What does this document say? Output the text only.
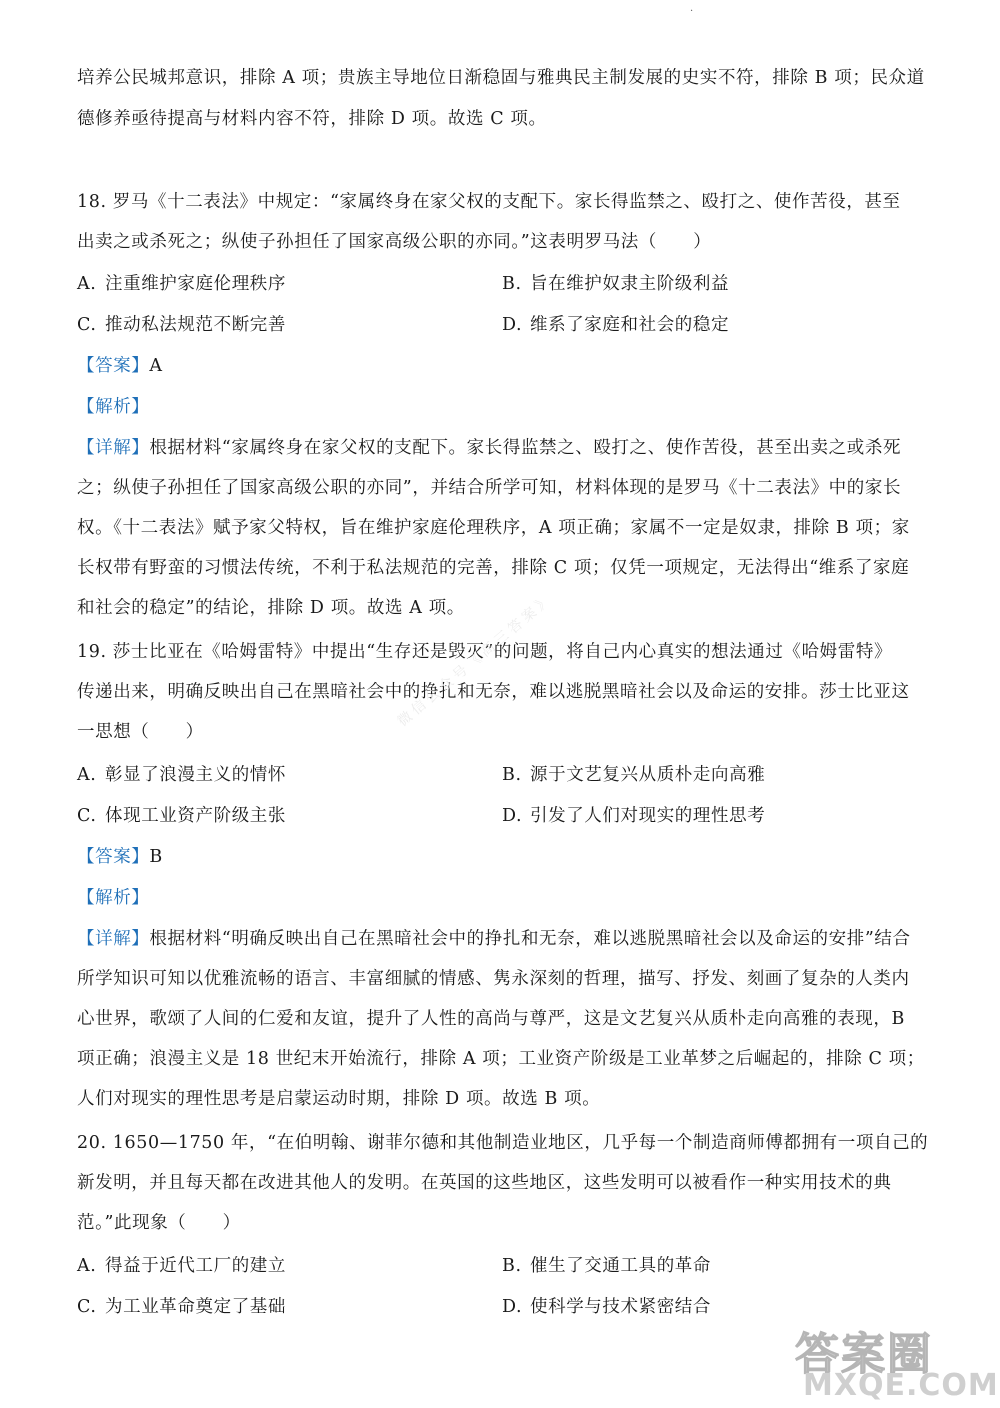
·
培养公民城邦意识，排除 A 项；贵族主导地位日渐稳固与雅典民主制发展的史实不符，排除 B 项；民众道
德修养亟待提高与材料内容不符，排除 D 项。故选 C 项。
18. 罗马《十二表法》中规定：“家属终身在家父权的支配下。家长得监禁之、殴打之、使作苦役，甚至
出卖之或杀死之；纵使子孙担任了国家高级公职的亦同。”这表明罗马法（　　）
A. 注重维护家庭伦理秩序	B. 旨在维护奴隶主阶级利益
C. 推动私法规范不断完善	D. 维系了家庭和社会的稳定
【答案】A
【解析】
【详解】根据材料“家属终身在家父权的支配下。家长得监禁之、殴打之、使作苦役，甚至出卖之或杀死
之；纵使子孙担任了国家高级公职的亦同”，并结合所学可知，材料体现的是罗马《十二表法》中的家长
权。《十二表法》赋予家父特权，旨在维护家庭伦理秩序，A 项正确；家属不一定是奴隶，排除 B 项；家
长权带有野蛮的习惯法传统，不利于私法规范的完善，排除 C 项；仅凭一项规定，无法得出“维系了家庭
和社会的稳定”的结论，排除 D 项。故选 A 项。
19. 莎士比亚在《哈姆雷特》中提出“生存还是毁灭”的问题，将自己内心真实的想法通过《哈姆雷特》
传递出来，明确反映出自己在黑暗社会中的挣扎和无奈，难以逃脱黑暗社会以及命运的安排。莎士比亚这
一思想（　　）
A. 彰显了浪漫主义的情怀	B. 源于文艺复兴从质朴走向高雅
C. 体现工业资产阶级主张	D. 引发了人们对现实的理性思考
【答案】B
【解析】
【详解】根据材料“明确反映出自己在黑暗社会中的挣扎和无奈，难以逃脱黑暗社会以及命运的安排”结合
所学知识可知以优雅流畅的语言、丰富细腻的情感、隽永深刻的哲理，描写、抒发、刻画了复杂的人类内
心世界，歌颂了人间的仁爱和友谊，提升了人性的高尚与尊严，这是文艺复兴从质朴走向高雅的表现，B
项正确；浪漫主义是 18 世纪末开始流行，排除 A 项；工业资产阶级是工业革梦之后崛起的，排除 C 项；
人们对现实的理性思考是启蒙运动时期，排除 D 项。故选 B 项。
20. 1650—1750 年，“在伯明翰、谢菲尔德和其他制造业地区，几乎每一个制造商师傅都拥有一项自己的
新发明，并且每天都在改进其他人的发明。在英国的这些地区，这些发明可以被看作一种实用技术的典
范。”此现象（　　）
A. 得益于近代工厂的建立	B. 催生了交通工具的革命
C. 为工业革命奠定了基础	D. 使科学与技术紧密结合
微信公众号《高三答案》
答案圈
MXQE.COM
